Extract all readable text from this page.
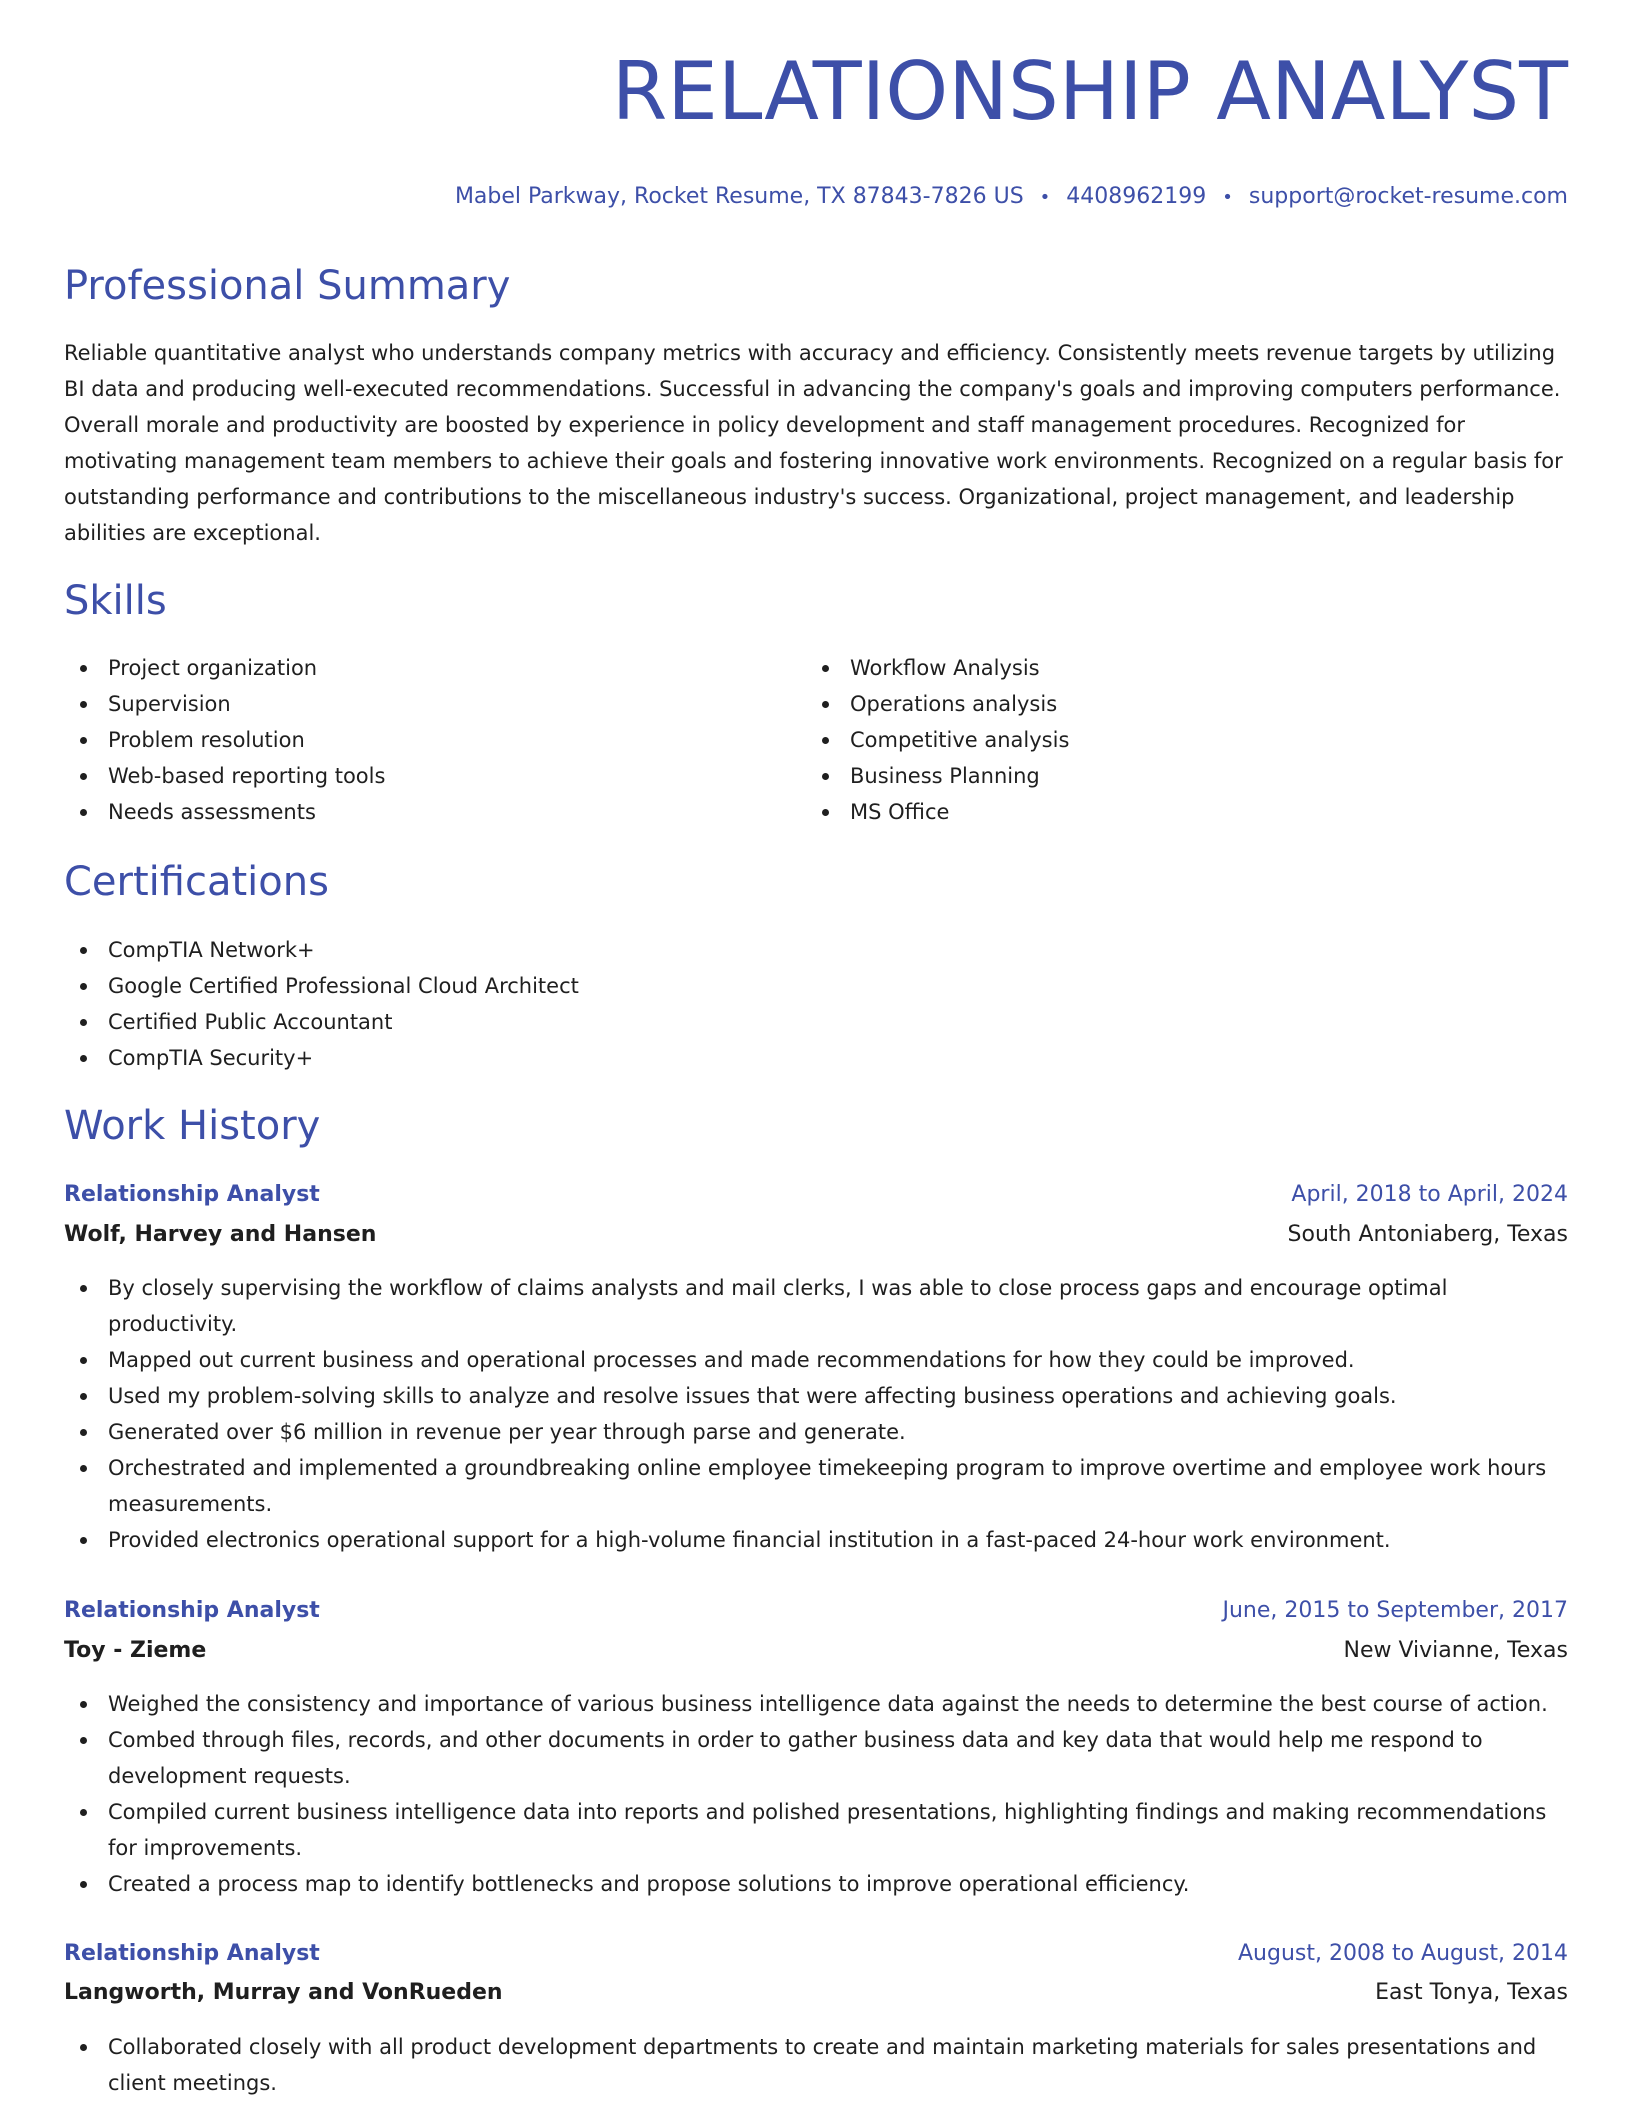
RELATIONSHIP ANALYST
Mabel Parkway, Rocket Resume, TX 87843-7826 US • 4408962199 • support@rocket-resume.com
Professional Summary

Reliable quantitative analyst who understands company metrics with accuracy and efficiency. Consistently meets revenue targets by utilizing BI data and producing well-executed recommendations. Successful in advancing the company's goals and improving computers performance. Overall morale and productivity are boosted by experience in policy development and staff management procedures. Recognized for motivating management team members to achieve their goals and fostering innovative work environments. Recognized on a regular basis for outstanding performance and contributions to the miscellaneous industry's success. Organizational, project management, and leadership abilities are exceptional.

Skills
Project organization
Supervision
Problem resolution
Web-based reporting tools
Needs assessments
Workflow Analysis
Operations analysis
Competitive analysis
Business Planning
MS Office
Certifications
CompTIA Network+
Google Certified Professional Cloud Architect
Certified Public Accountant
CompTIA Security+
Work History
Relationship Analyst	April, 2018 to April, 2024
Wolf, Harvey and Hansen	South Antoniaberg, Texas
By closely supervising the workflow of claims analysts and mail clerks, I was able to close process gaps and encourage optimal productivity.
Mapped out current business and operational processes and made recommendations for how they could be improved.
Used my problem-solving skills to analyze and resolve issues that were affecting business operations and achieving goals.
Generated over $6 million in revenue per year through parse and generate.
Orchestrated and implemented a groundbreaking online employee timekeeping program to improve overtime and employee work hours measurements.
Provided electronics operational support for a high-volume financial institution in a fast-paced 24-hour work environment.
Relationship Analyst	June, 2015 to September, 2017
Toy - Zieme	New Vivianne, Texas
Weighed the consistency and importance of various business intelligence data against the needs to determine the best course of action.
Combed through files, records, and other documents in order to gather business data and key data that would help me respond to development requests.
Compiled current business intelligence data into reports and polished presentations, highlighting findings and making recommendations for improvements.
Created a process map to identify bottlenecks and propose solutions to improve operational efficiency.
Relationship Analyst	August, 2008 to August, 2014
Langworth, Murray and VonRueden	East Tonya, Texas
Collaborated closely with all product development departments to create and maintain marketing materials for sales presentations and client meetings.
